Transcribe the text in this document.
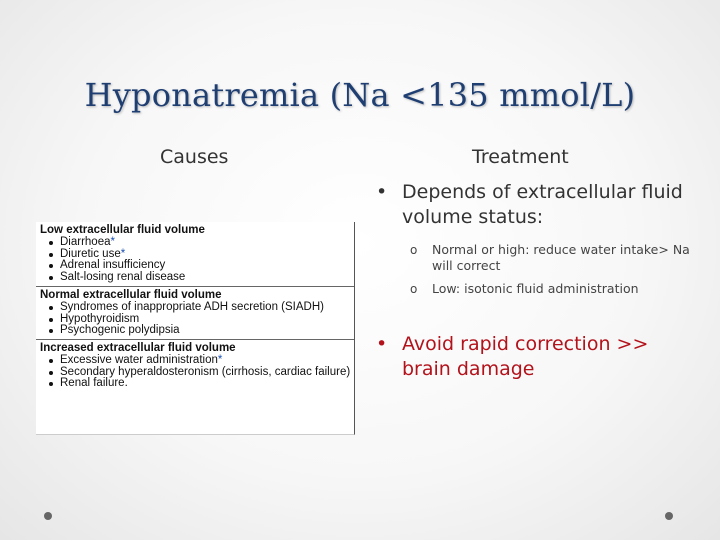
Hyponatremia (Na <135 mmol/L)
Causes	Treatment
Low extracellular fluid volume
Diarrhoea*
Diuretic use*
Adrenal insufficiency
Salt-losing renal disease
Normal extracellular fluid volume
Syndromes of inappropriate ADH secretion (SIADH)
Hypothyroidism
Psychogenic polydipsia
Increased extracellular fluid volume
Excessive water administration*
Secondary hyperaldosteronism (cirrhosis, cardiac failure)
Renal failure.
• Depends of extracellular fluid volume status:
o Normal or high: reduce water intake> Na will correct
o Low: isotonic fluid administration
• Avoid rapid correction >> brain damage
